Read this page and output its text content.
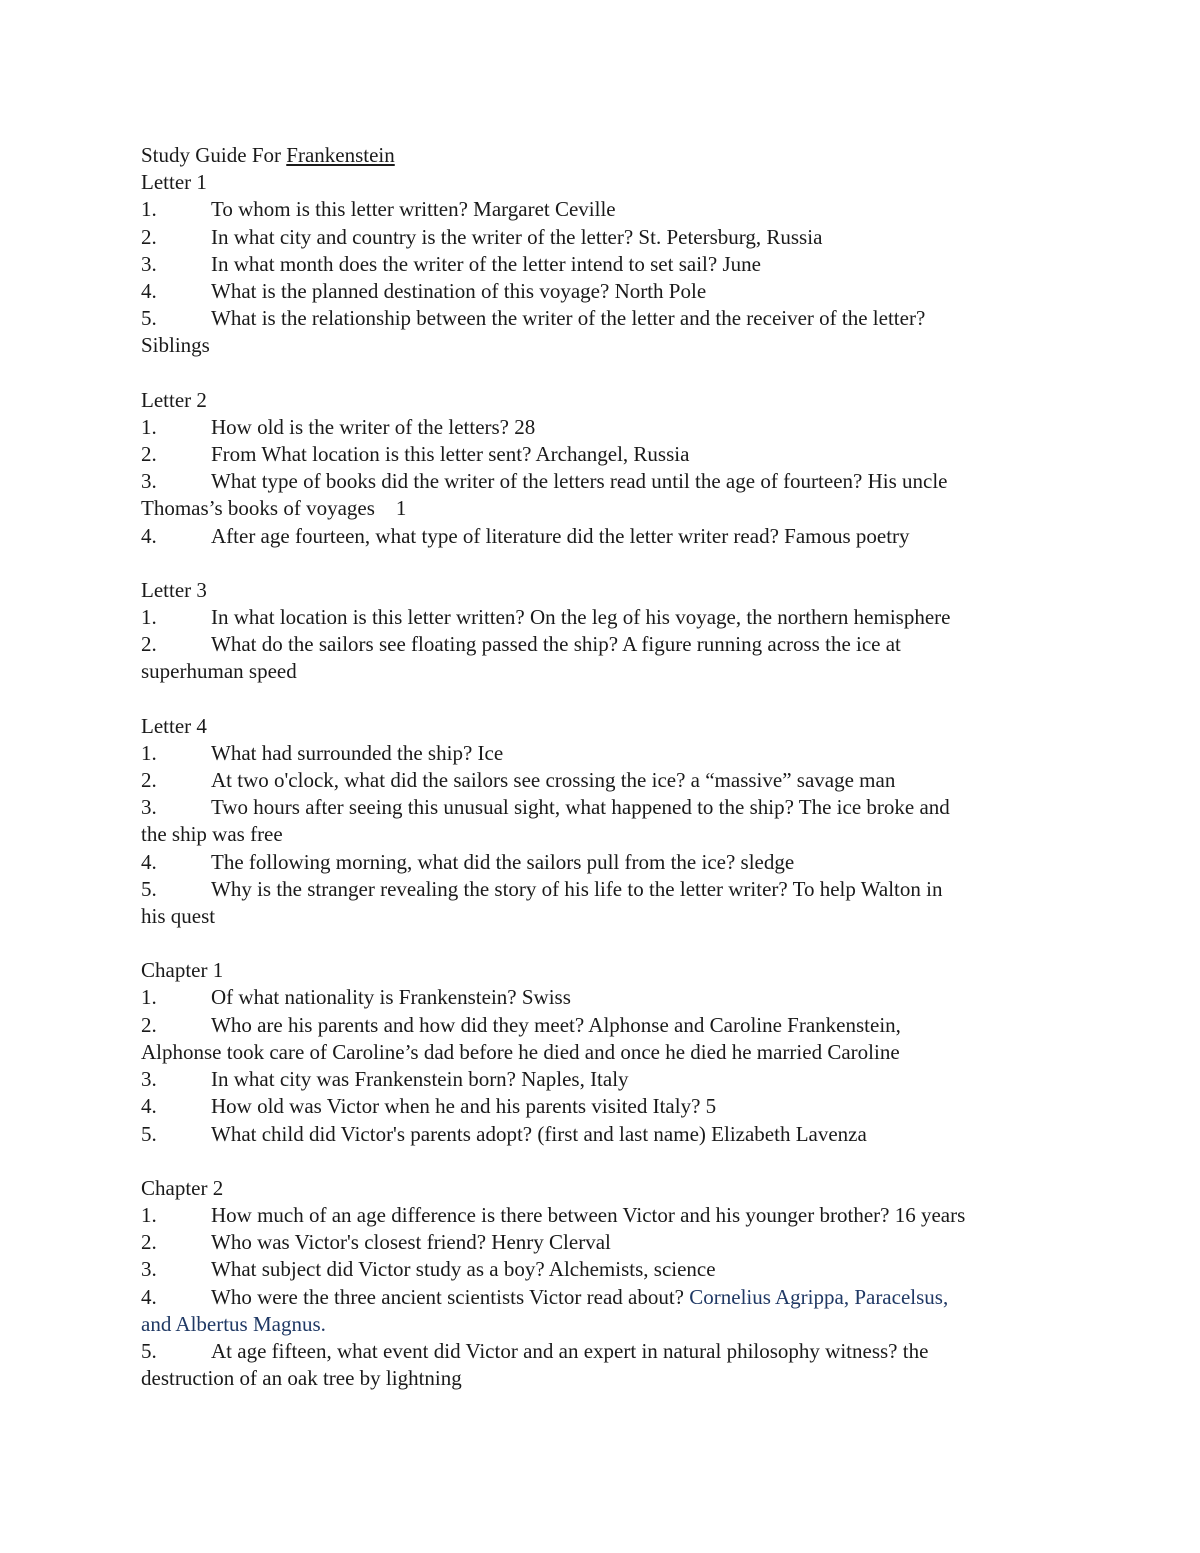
Study Guide For Frankenstein
Letter 1
1.	To whom is this letter written? Margaret Ceville
2.	In what city and country is the writer of the letter? St. Petersburg, Russia
3.	In what month does the writer of the letter intend to set sail? June
4.	What is the planned destination of this voyage? North Pole
5.	What is the relationship between the writer of the letter and the receiver of the letter?
Siblings
Letter 2
1.	How old is the writer of the letters? 28
2.	From What location is this letter sent? Archangel, Russia
3.	What type of books did the writer of the letters read until the age of fourteen? His uncle
Thomas’s books of voyages    1
4.	After age fourteen, what type of literature did the letter writer read? Famous poetry
Letter 3
1.	In what location is this letter written? On the leg of his voyage, the northern hemisphere
2.	What do the sailors see floating passed the ship? A figure running across the ice at
superhuman speed
Letter 4
1.	What had surrounded the ship? Ice
2.	At two o'clock, what did the sailors see crossing the ice? a “massive” savage man
3.	Two hours after seeing this unusual sight, what happened to the ship? The ice broke and
the ship was free
4.	The following morning, what did the sailors pull from the ice? sledge
5.	Why is the stranger revealing the story of his life to the letter writer? To help Walton in
his quest
Chapter 1
1.	Of what nationality is Frankenstein? Swiss
2.	Who are his parents and how did they meet? Alphonse and Caroline Frankenstein,
Alphonse took care of Caroline’s dad before he died and once he died he married Caroline
3.	In what city was Frankenstein born? Naples, Italy
4.	How old was Victor when he and his parents visited Italy? 5
5.	What child did Victor's parents adopt? (first and last name) Elizabeth Lavenza
Chapter 2
1.	How much of an age difference is there between Victor and his younger brother? 16 years
2.	Who was Victor's closest friend? Henry Clerval
3.	What subject did Victor study as a boy? Alchemists, science
4.	Who were the three ancient scientists Victor read about? Cornelius Agrippa, Paracelsus,
and Albertus Magnus.
5.	At age fifteen, what event did Victor and an expert in natural philosophy witness? the
destruction of an oak tree by lightning
